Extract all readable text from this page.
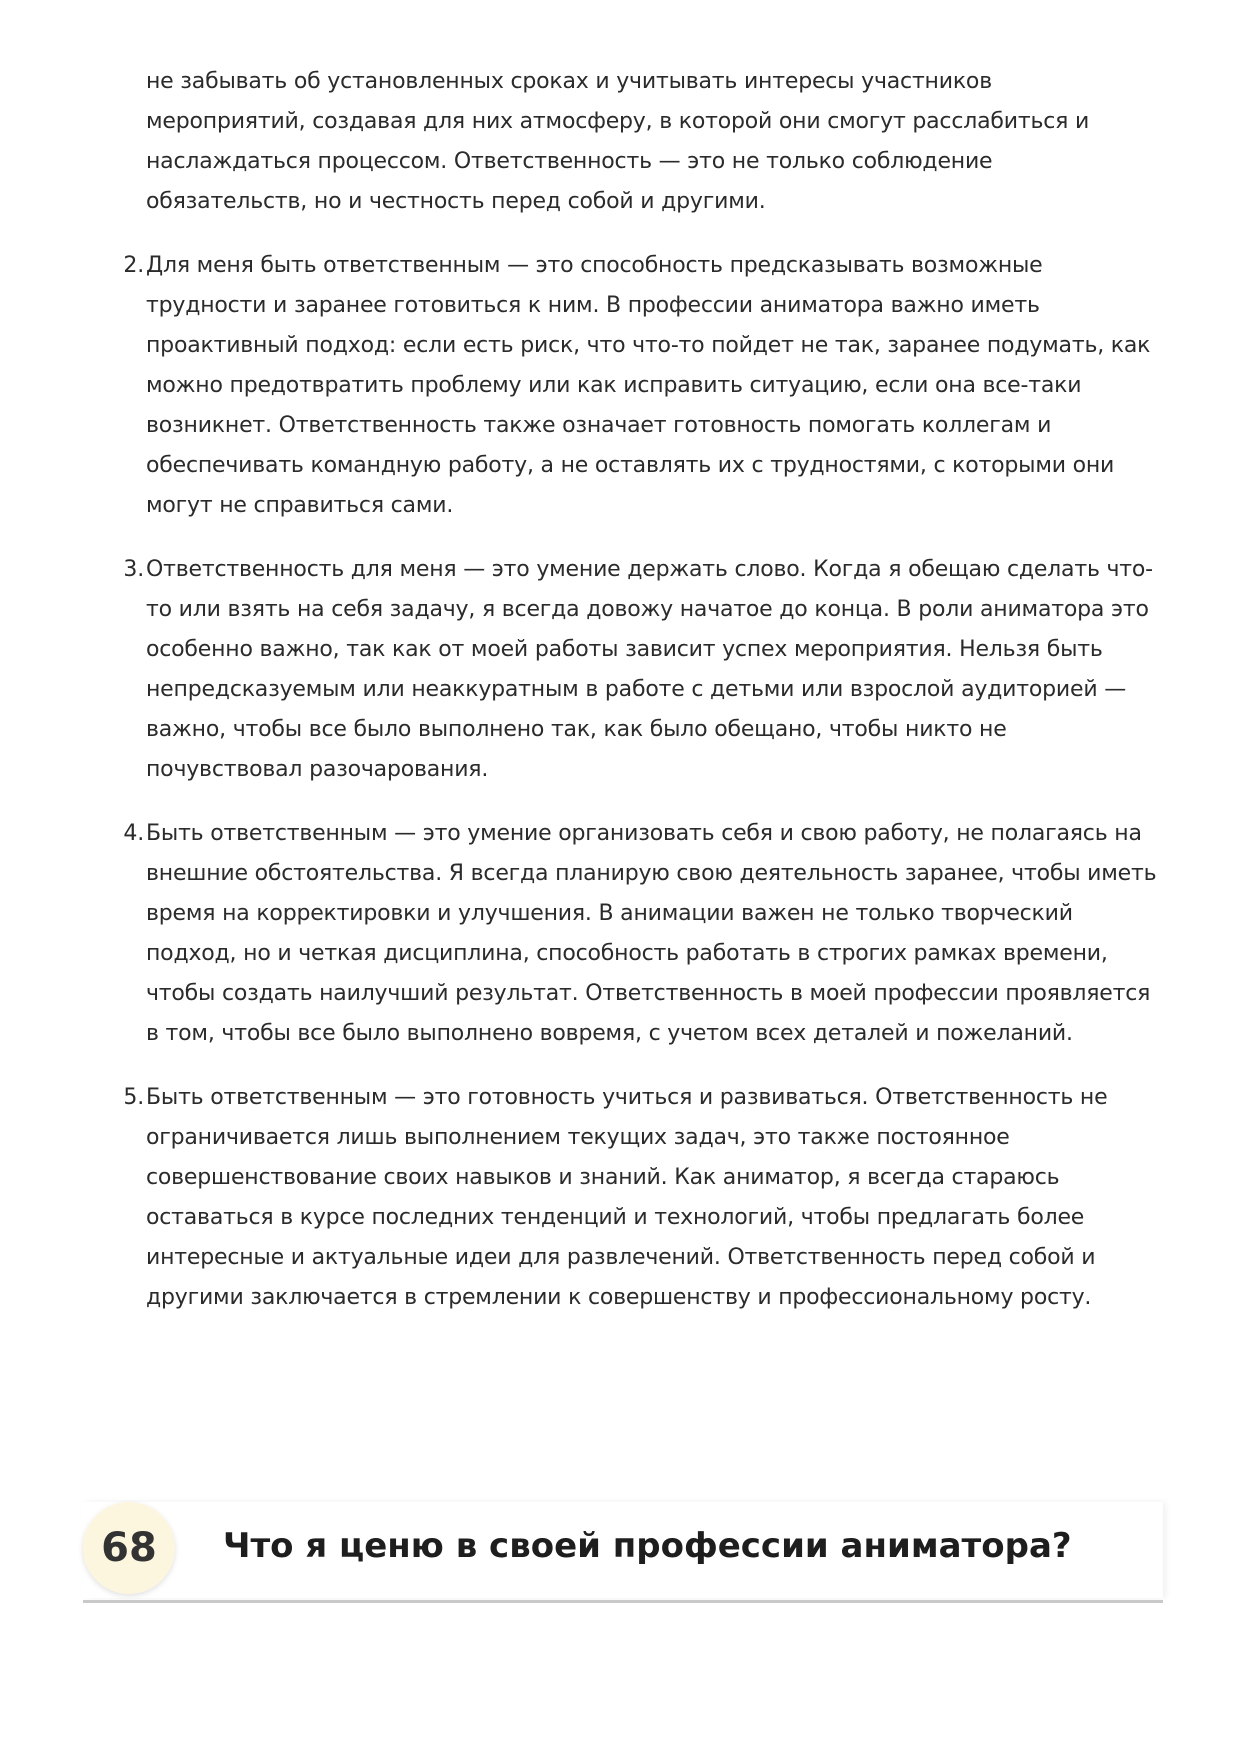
не забывать об установленных сроках и учитывать интересы участников мероприятий, создавая для них атмосферу, в которой они смогут расслабиться и наслаждаться процессом. Ответственность — это не только соблюдение обязательств, но и честность перед собой и другими.

2. Для меня быть ответственным — это способность предсказывать возможные трудности и заранее готовиться к ним. В профессии аниматора важно иметь проактивный подход: если есть риск, что что-то пойдет не так, заранее подумать, как можно предотвратить проблему или как исправить ситуацию, если она все-таки возникнет. Ответственность также означает готовность помогать коллегам и обеспечивать командную работу, а не оставлять их с трудностями, с которыми они могут не справиться сами.
3. Ответственность для меня — это умение держать слово. Когда я обещаю сделать что-то или взять на себя задачу, я всегда довожу начатое до конца. В роли аниматора это особенно важно, так как от моей работы зависит успех мероприятия. Нельзя быть непредсказуемым или неаккуратным в работе с детьми или взрослой аудиторией — важно, чтобы все было выполнено так, как было обещано, чтобы никто не почувствовал разочарования.
4. Быть ответственным — это умение организовать себя и свою работу, не полагаясь на внешние обстоятельства. Я всегда планирую свою деятельность заранее, чтобы иметь время на корректировки и улучшения. В анимации важен не только творческий подход, но и четкая дисциплина, способность работать в строгих рамках времени, чтобы создать наилучший результат. Ответственность в моей профессии проявляется в том, чтобы все было выполнено вовремя, с учетом всех деталей и пожеланий.
5. Быть ответственным — это готовность учиться и развиваться. Ответственность не ограничивается лишь выполнением текущих задач, это также постоянное совершенствование своих навыков и знаний. Как аниматор, я всегда стараюсь оставаться в курсе последних тенденций и технологий, чтобы предлагать более интересные и актуальные идеи для развлечений. Ответственность перед собой и другими заключается в стремлении к совершенству и профессиональному росту.
68	Что я ценю в своей профессии аниматора?
